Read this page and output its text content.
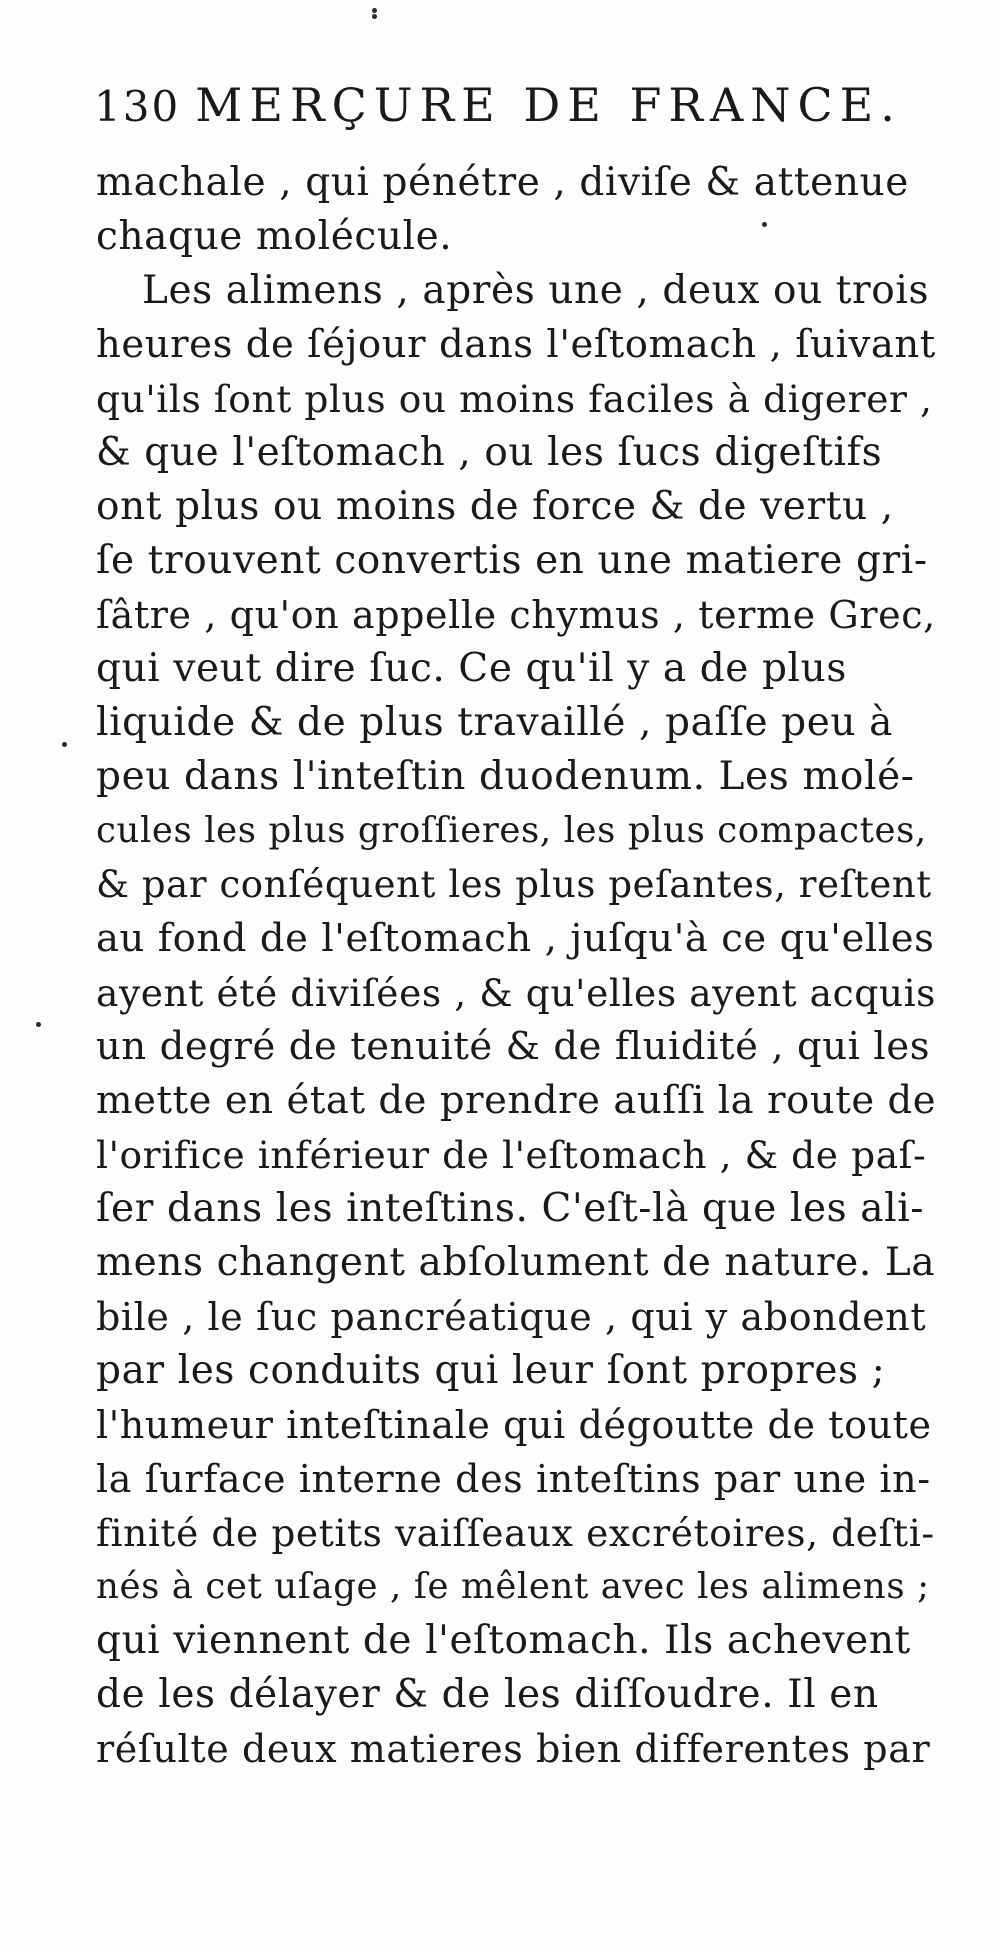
130 MERÇURE DE FRANCE.
machale , qui pénétre , diviſe & attenue
chaque molécule.
Les alimens , après une , deux ou trois
heures de ſéjour dans l'eſtomach , ſuivant
qu'ils ſont plus ou moins faciles à digerer ,
& que l'eſtomach , ou les ſucs digeſtifs
ont plus ou moins de force & de vertu ,
ſe trouvent convertis en une matiere gri-
ſâtre , qu'on appelle chymus , terme Grec,
qui veut dire ſuc. Ce qu'il y a de plus
liquide & de plus travaillé , paſſe peu à
peu dans l'inteſtin duodenum. Les molé-
cules les plus groſſieres, les plus compactes,
& par conſéquent les plus peſantes, reſtent
au fond de l'eſtomach , juſqu'à ce qu'elles
ayent été diviſées , & qu'elles ayent acquis
un degré de tenuité & de fluidité , qui les
mette en état de prendre auſſi la route de
l'orifice inférieur de l'eſtomach , & de paſ-
ſer dans les inteſtins. C'eſt-là que les ali-
mens changent abſolument de nature. La
bile , le ſuc pancréatique , qui y abondent
par les conduits qui leur ſont propres ;
l'humeur inteſtinale qui dégoutte de toute
la ſurface interne des inteſtins par une in-
finité de petits vaiſſeaux excrétoires, deſti-
nés à cet uſage , ſe mêlent avec les alimens ;
qui viennent de l'eſtomach. Ils achevent
de les délayer & de les diſſoudre. Il en
réſulte deux matieres bien differentes par
